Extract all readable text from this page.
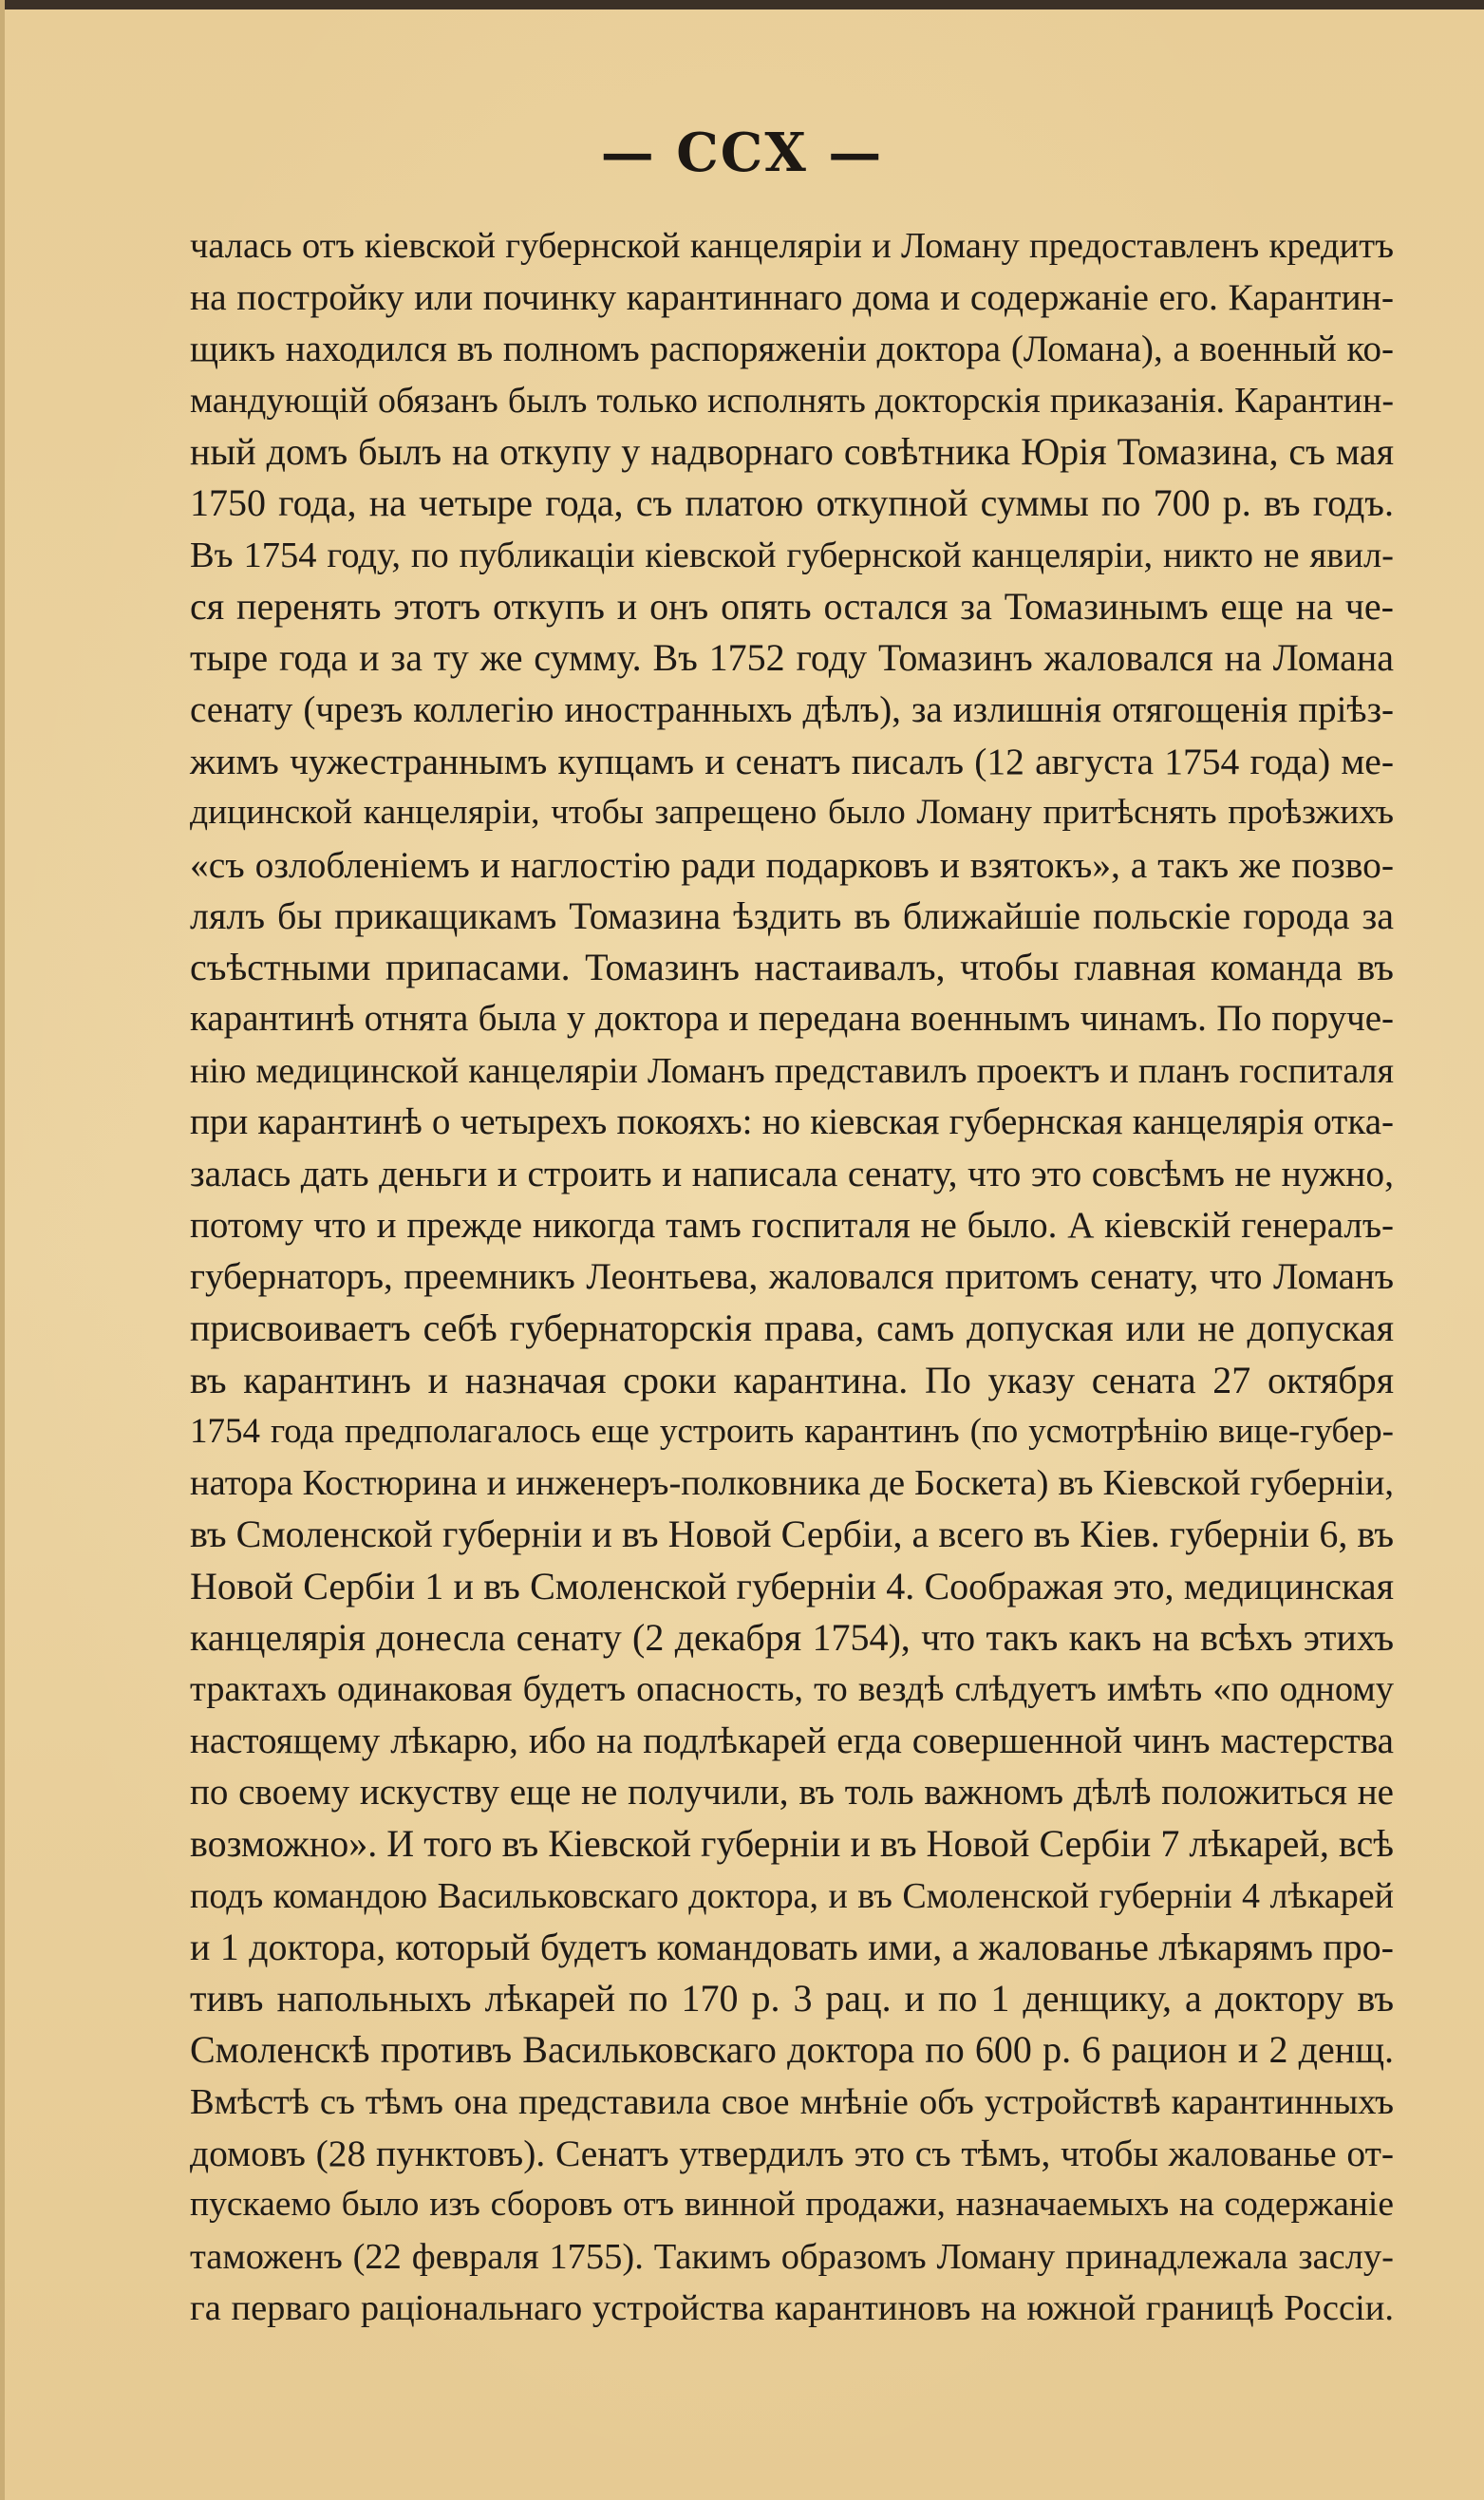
— CCX —
чалась отъ кіевской губернской канцеляріи и Ломану предоставленъ кредитъ
на постройку или починку карантиннаго дома и содержаніе его. Карантин-
щикъ находился въ полномъ распоряженіи доктора (Ломана), а военный ко-
мандующій обязанъ былъ только исполнять докторскія приказанія. Карантин-
ный домъ былъ на откупу у надворнаго совѣтника Юрія Томазина, съ мая
1750 года, на четыре года, съ платою откупной суммы по 700 р. въ годъ.
Въ 1754 году, по публикаціи кіевской губернской канцеляріи, никто не явил-
ся перенять этотъ откупъ и онъ опять остался за Томазинымъ еще на че-
тыре года и за ту же сумму. Въ 1752 году Томазинъ жаловался на Ломана
сенату (чрезъ коллегію иностранныхъ дѣлъ), за излишнія отягощенія пріѣз-
жимъ чужестраннымъ купцамъ и сенатъ писалъ (12 августа 1754 года) ме-
дицинской канцеляріи, чтобы запрещено было Ломану притѣснять проѣзжихъ
«съ озлобленіемъ и наглостію ради подарковъ и взятокъ», а такъ же позво-
лялъ бы прикащикамъ Томазина ѣздить въ ближайшіе польскіе города за
съѣстными припасами. Томазинъ настаивалъ, чтобы главная команда въ
карантинѣ отнята была у доктора и передана военнымъ чинамъ. По поруче-
нію медицинской канцеляріи Ломанъ представилъ проектъ и планъ госпиталя
при карантинѣ о четырехъ покояхъ: но кіевская губернская канцелярія отка-
залась дать деньги и строить и написала сенату, что это совсѣмъ не нужно,
потому что и прежде никогда тамъ госпиталя не было. А кіевскій генералъ-
губернаторъ, преемникъ Леонтьева, жаловался притомъ сенату, что Ломанъ
присвоиваетъ себѣ губернаторскія права, самъ допуская или не допуская
въ карантинъ и назначая сроки карантина. По указу сената 27 октября
1754 года предполагалось еще устроить карантинъ (по усмотрѣнію вице-губер-
натора Костюрина и инженеръ-полковника де Боскета) въ Кіевской губерніи,
въ Смоленской губерніи и въ Новой Сербіи, а всего въ Кіев. губерніи 6, въ
Новой Сербіи 1 и въ Смоленской губерніи 4. Соображая это, медицинская
канцелярія донесла сенату (2 декабря 1754), что такъ какъ на всѣхъ этихъ
трактахъ одинаковая будетъ опасность, то вездѣ слѣдуетъ имѣть «по одному
настоящему лѣкарю, ибо на подлѣкарей егда совершенной чинъ мастерства
по своему искуству еще не получили, въ толь важномъ дѣлѣ положиться не
возможно». И того въ Кіевской губерніи и въ Новой Сербіи 7 лѣкарей, всѣ
подъ командою Васильковскаго доктора, и въ Смоленской губерніи 4 лѣкарей
и 1 доктора, который будетъ командовать ими, а жалованье лѣкарямъ про-
тивъ напольныхъ лѣкарей по 170 р. 3 рац. и по 1 денщику, а доктору въ
Смоленскѣ противъ Васильковскаго доктора по 600 р. 6 рацион и 2 денщ.
Вмѣстѣ съ тѣмъ она представила свое мнѣніе объ устройствѣ карантинныхъ
домовъ (28 пунктовъ). Сенатъ утвердилъ это съ тѣмъ, чтобы жалованье от-
пускаемо было изъ сборовъ отъ винной продажи, назначаемыхъ на содержаніе
таможенъ (22 февраля 1755). Такимъ образомъ Ломану принадлежала заслу-
га перваго раціональнаго устройства карантиновъ на южной границѣ Россіи.
